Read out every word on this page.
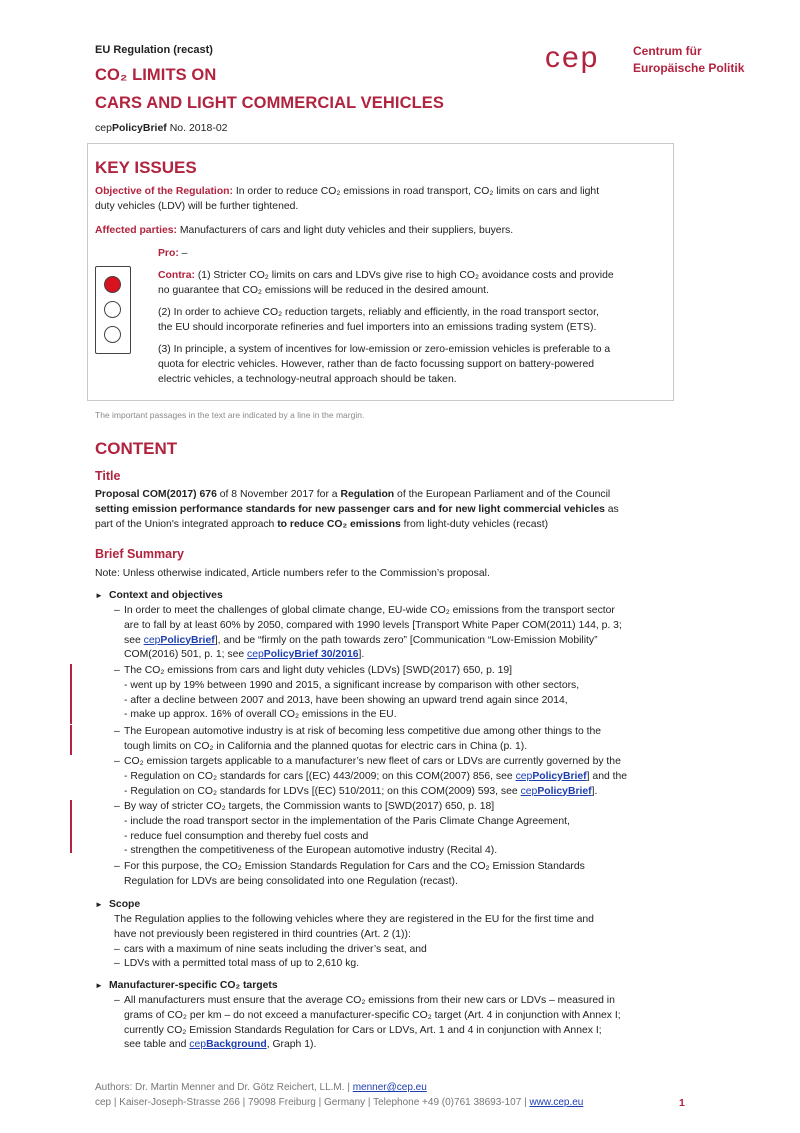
EU Regulation (recast)
CO₂ LIMITS ON
CARS AND LIGHT COMMERCIAL VEHICLES
cepPolicyBrief No. 2018-02
cep	Centrum für
Europäische Politik
KEY ISSUES
Objective of the Regulation: In order to reduce CO₂ emissions in road transport, CO₂ limits on cars and light
duty vehicles (LDV) will be further tightened.
Affected parties: Manufacturers of cars and light duty vehicles and their suppliers, buyers.
Pro: –
Contra: (1) Stricter CO₂ limits on cars and LDVs give rise to high CO₂ avoidance costs and provide
no guarantee that CO₂ emissions will be reduced in the desired amount.
(2) In order to achieve CO₂ reduction targets, reliably and efficiently, in the road transport sector,
the EU should incorporate refineries and fuel importers into an emissions trading system (ETS).
(3) In principle, a system of incentives for low-emission or zero-emission vehicles is preferable to a
quota for electric vehicles. However, rather than de facto focussing support on battery-powered
electric vehicles, a technology-neutral approach should be taken.
The important passages in the text are indicated by a line in the margin.
CONTENT
Title
Proposal COM(2017) 676 of 8 November 2017 for a Regulation of the European Parliament and of the Council
setting emission performance standards for new passenger cars and for new light commercial vehicles as
part of the Union's integrated approach to reduce CO₂ emissions from light-duty vehicles (recast)
Brief Summary
Note: Unless otherwise indicated, Article numbers refer to the Commission’s proposal.
► Context and objectives
– In order to meet the challenges of global climate change, EU-wide CO₂ emissions from the transport sector
are to fall by at least 60% by 2050, compared with 1990 levels [Transport White Paper COM(2011) 144, p. 3;
see cepPolicyBrief], and be “firmly on the path towards zero” [Communication “Low-Emission Mobility”
COM(2016) 501, p. 1; see cepPolicyBrief 30/2016].
– The CO₂ emissions from cars and light duty vehicles (LDVs) [SWD(2017) 650, p. 19]
- went up by 19% between 1990 and 2015, a significant increase by comparison with other sectors,
- after a decline between 2007 and 2013, have been showing an upward trend again since 2014,
- make up approx. 16% of overall CO₂ emissions in the EU.
– The European automotive industry is at risk of becoming less competitive due among other things to the
tough limits on CO₂ in California and the planned quotas for electric cars in China (p. 1).
– CO₂ emission targets applicable to a manufacturer’s new fleet of cars or LDVs are currently governed by the
- Regulation on CO₂ standards for cars [(EC) 443/2009; on this COM(2007) 856, see cepPolicyBrief] and the
- Regulation on CO₂ standards for LDVs [(EC) 510/2011; on this COM(2009) 593, see cepPolicyBrief].
– By way of stricter CO₂ targets, the Commission wants to [SWD(2017) 650, p. 18]
- include the road transport sector in the implementation of the Paris Climate Change Agreement,
- reduce fuel consumption and thereby fuel costs and
- strengthen the competitiveness of the European automotive industry (Recital 4).
– For this purpose, the CO₂ Emission Standards Regulation for Cars and the CO₂ Emission Standards
Regulation for LDVs are being consolidated into one Regulation (recast).
► Scope
The Regulation applies to the following vehicles where they are registered in the EU for the first time and
have not previously been registered in third countries (Art. 2 (1)):
– cars with a maximum of nine seats including the driver’s seat, and
– LDVs with a permitted total mass of up to 2,610 kg.
► Manufacturer-specific CO₂ targets
– All manufacturers must ensure that the average CO₂ emissions from their new cars or LDVs – measured in
grams of CO₂ per km – do not exceed a manufacturer-specific CO₂ target (Art. 4 in conjunction with Annex I;
currently CO₂ Emission Standards Regulation for Cars or LDVs, Art. 1 and 4 in conjunction with Annex I;
see table and cepBackground, Graph 1).
Authors: Dr. Martin Menner and Dr. Götz Reichert, LL.M. | menner@cep.eu
cep | Kaiser-Joseph-Strasse 266 | 79098 Freiburg | Germany | Telephone +49 (0)761 38693-107 | www.cep.eu	1
